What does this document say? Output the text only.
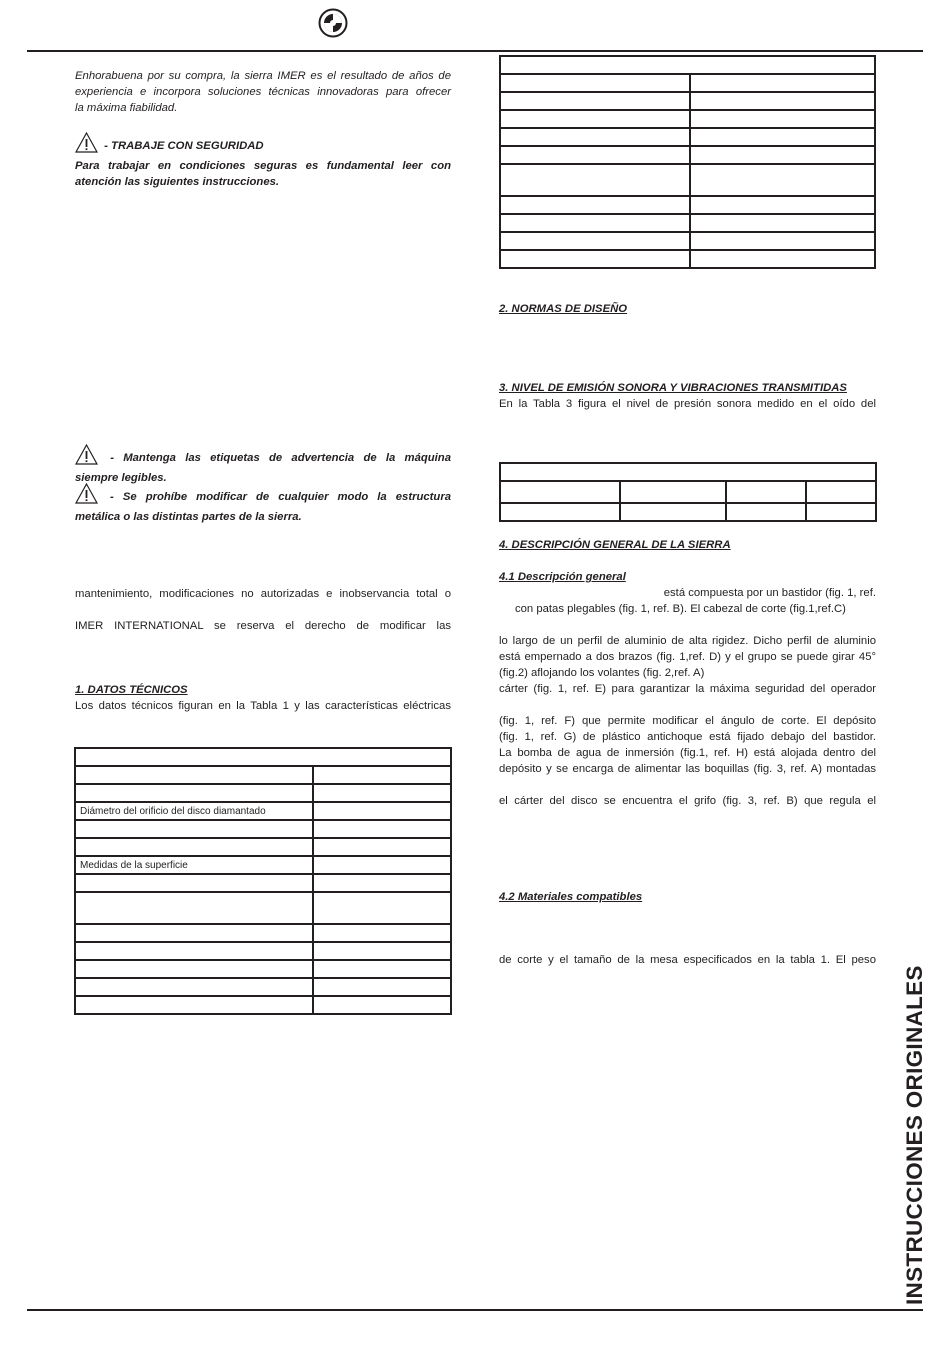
Enhorabuena por su compra, la sierra IMER es el resultado de años de
experiencia e incorpora soluciones técnicas innovadoras para ofrecer
la máxima fiabilidad.
- TRABAJE CON SEGURIDAD
Para trabajar en condiciones seguras es fundamental leer con
atención las siguientes instrucciones.
- Mantenga las etiquetas de advertencia de la máquina
siempre legibles.
- Se prohíbe modificar de cualquier modo la estructura
metálica o las distintas partes de la sierra.
mantenimiento, modificaciones no autorizadas e inobservancia total o
IMER INTERNATIONAL se reserva el derecho de modificar las
1. DATOS TÉCNICOS
Los datos técnicos figuran en la Tabla 1 y las características eléctricas

Diámetro del orificio del disco diamantado	

Medidas de la superficie	

2. NORMAS DE DISEÑO
3. NIVEL DE EMISIÓN SONORA Y VIBRACIONES TRANSMITIDAS
En la Tabla 3 figura el nivel de presión sonora medido en el oído del

4. DESCRIPCIÓN GENERAL DE LA SIERRA
4.1 Descripción general
está compuesta por un bastidor (fig. 1, ref.
con patas plegables (fig. 1, ref. B). El cabezal de corte (fig.1,ref.C)
lo largo de un perfil de aluminio de alta rigidez. Dicho perfil de aluminio
está empernado a dos brazos (fig. 1,ref. D) y el grupo se puede girar 45°
(fig.2) aflojando los volantes (fig. 2,ref. A)
cárter (fig. 1, ref. E) para garantizar la máxima seguridad del operador
(fig. 1, ref. F) que permite modificar el ángulo de corte. El depósito
(fig. 1, ref. G) de plástico antichoque está fijado debajo del bastidor.
La bomba de agua de inmersión (fig.1, ref. H) está alojada dentro del
depósito y se encarga de alimentar las boquillas (fig. 3, ref. A) montadas
el cárter del disco se encuentra el grifo (fig. 3, ref. B) que regula el
4.2 Materiales compatibles
de corte y el tamaño de la mesa especificados en la tabla 1. El peso
INSTRUCCIONES ORIGINALES
